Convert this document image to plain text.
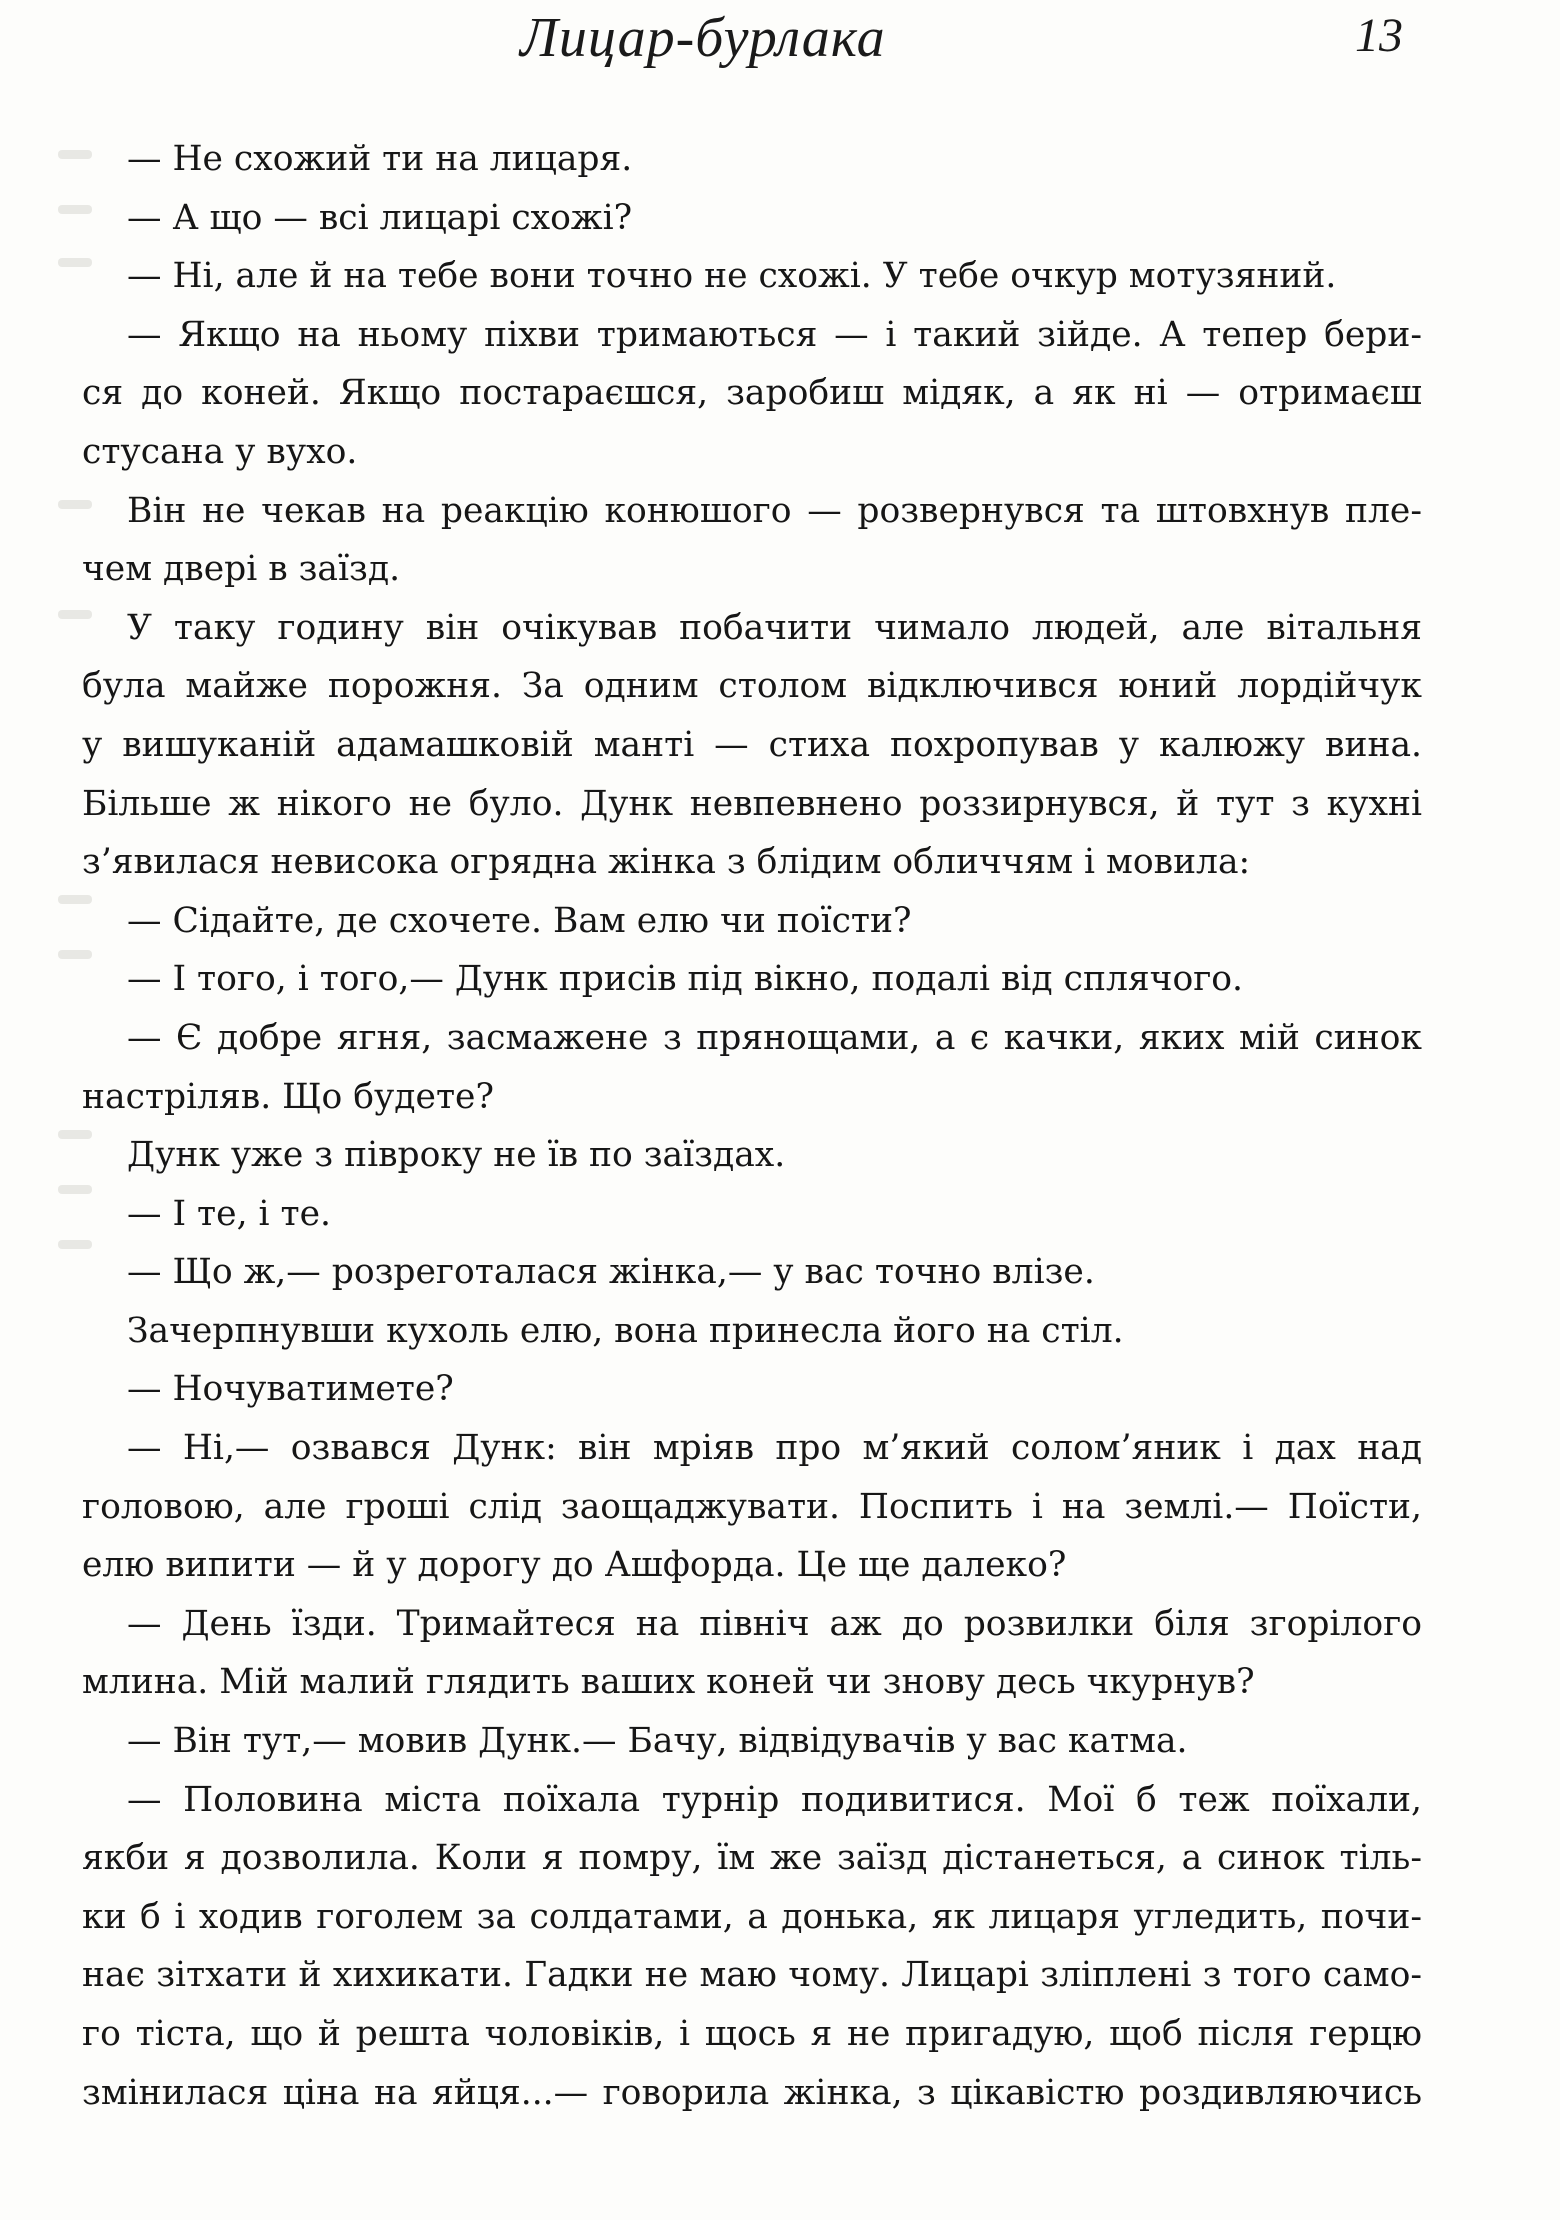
Лицар-бурлака	13
— Не схожий ти на лицаря.
— А що — всі лицарі схожі?
— Ні, але й на тебе вони точно не схожі. У тебе очкур мотузяний.
— Якщо на ньому піхви тримаються — і такий зійде. А тепер бери-
ся до коней. Якщо постараєшся, заробиш мідяк, а як ні — отримаєш
стусана у вухо.
Він не чекав на реакцію конюшого — розвернувся та штовхнув пле-
чем двері в заїзд.
У таку годину він очікував побачити чимало людей, але вітальня
була майже порожня. За одним столом відключився юний лордійчук
у вишуканій адамашковій манті — стиха похропував у калюжу вина.
Більше ж нікого не було. Дунк невпевнено роззирнувся, й тут з кухні
з’явилася невисока огрядна жінка з блідим обличчям і мовила:
— Сідайте, де схочете. Вам елю чи поїсти?
— І того, і того,— Дунк присів під вікно, подалі від сплячого.
— Є добре ягня, засмажене з прянощами, а є качки, яких мій синок
настріляв. Що будете?
Дунк уже з півроку не їв по заїздах.
— І те, і те.
— Що ж,— розреготалася жінка,— у вас точно влізе.
Зачерпнувши кухоль елю, вона принесла його на стіл.
— Ночуватимете?
— Ні,— озвався Дунк: він мріяв про м’який солом’яник і дах над
головою, але гроші слід заощаджувати. Поспить і на землі.— Поїсти,
елю випити — й у дорогу до Ашфорда. Це ще далеко?
— День їзди. Тримайтеся на північ аж до розвилки біля згорілого
млина. Мій малий глядить ваших коней чи знову десь чкурнув?
— Він тут,— мовив Дунк.— Бачу, відвідувачів у вас катма.
— Половина міста поїхала турнір подивитися. Мої б теж поїхали,
якби я дозволила. Коли я помру, їм же заїзд дістанеться, а синок тіль-
ки б і ходив гоголем за солдатами, а донька, як лицаря угледить, почи-
нає зітхати й хихикати. Гадки не маю чому. Лицарі зліплені з того само-
го тіста, що й решта чоловіків, і щось я не пригадую, щоб після герцю
змінилася ціна на яйця...— говорила жінка, з цікавістю роздивляючись
